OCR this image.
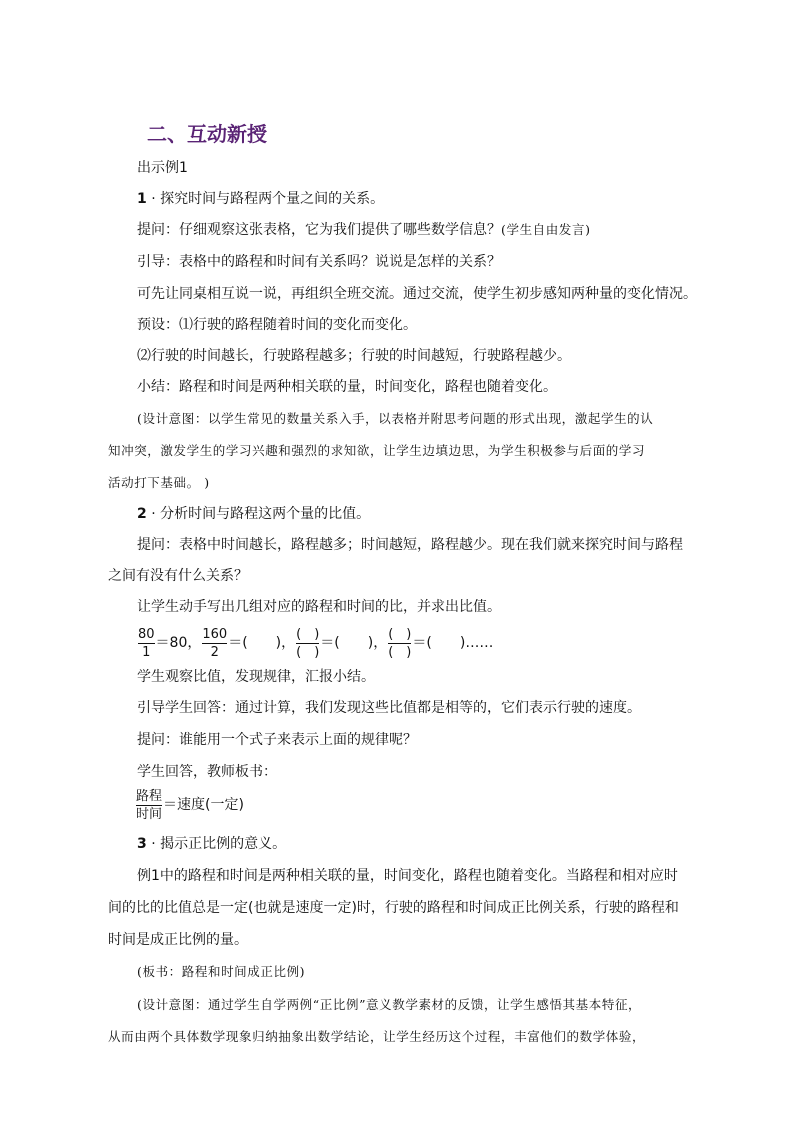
二、互动新授
出示例1
1 · 探究时间与路程两个量之间的关系。
提问：仔细观察这张表格，它为我们提供了哪些数学信息？(学生自由发言)
引导：表格中的路程和时间有关系吗？说说是怎样的关系？
可先让同桌相互说一说，再组织全班交流。通过交流，使学生初步感知两种量的变化情况。
预设：⑴行驶的路程随着时间的变化而变化。
⑵行驶的时间越长，行驶路程越多；行驶的时间越短，行驶路程越少。
小结：路程和时间是两种相关联的量，时间变化，路程也随着变化。
(设计意图：以学生常见的数量关系入手，以表格并附思考问题的形式出现，激起学生的认
知冲突，激发学生的学习兴趣和强烈的求知欲，让学生边填边思，为学生积极参与后面的学习
活动打下基础。 )
2 · 分析时间与路程这两个量的比值。
提问：表格中时间越长，路程越多；时间越短，路程越少。现在我们就来探究时间与路程
之间有没有什么关系？
让学生动手写出几组对应的路程和时间的比，并求出比值。
$\frac{80}{1} =80$， $\frac{160}{2}$ ＝(　　)， $\frac{( )}{( )}$ ＝(　　)， $\frac{( )}{( )}$ ＝(　　)……
学生观察比值，发现规律，汇报小结。
引导学生回答：通过计算，我们发现这些比值都是相等的，它们表示行驶的速度。
提问：谁能用一个式子来表示上面的规律呢？
学生回答，教师板书：
$\frac{\text{路程}}{\text{时间}}$ ＝速度(一定)
3 · 揭示正比例的意义。
例1中的路程和时间是两种相关联的量，时间变化，路程也随着变化。当路程和相对应时
间的比的比值总是一定(也就是速度一定)时，行驶的路程和时间成正比例关系，行驶的路程和
时间是成正比例的量。
(板书：路程和时间成正比例)
(设计意图：通过学生自学两例“正比例”意义教学素材的反馈，让学生感悟其基本特征，
从而由两个具体数学现象归纳抽象出数学结论，让学生经历这个过程，丰富他们的数学体验，
